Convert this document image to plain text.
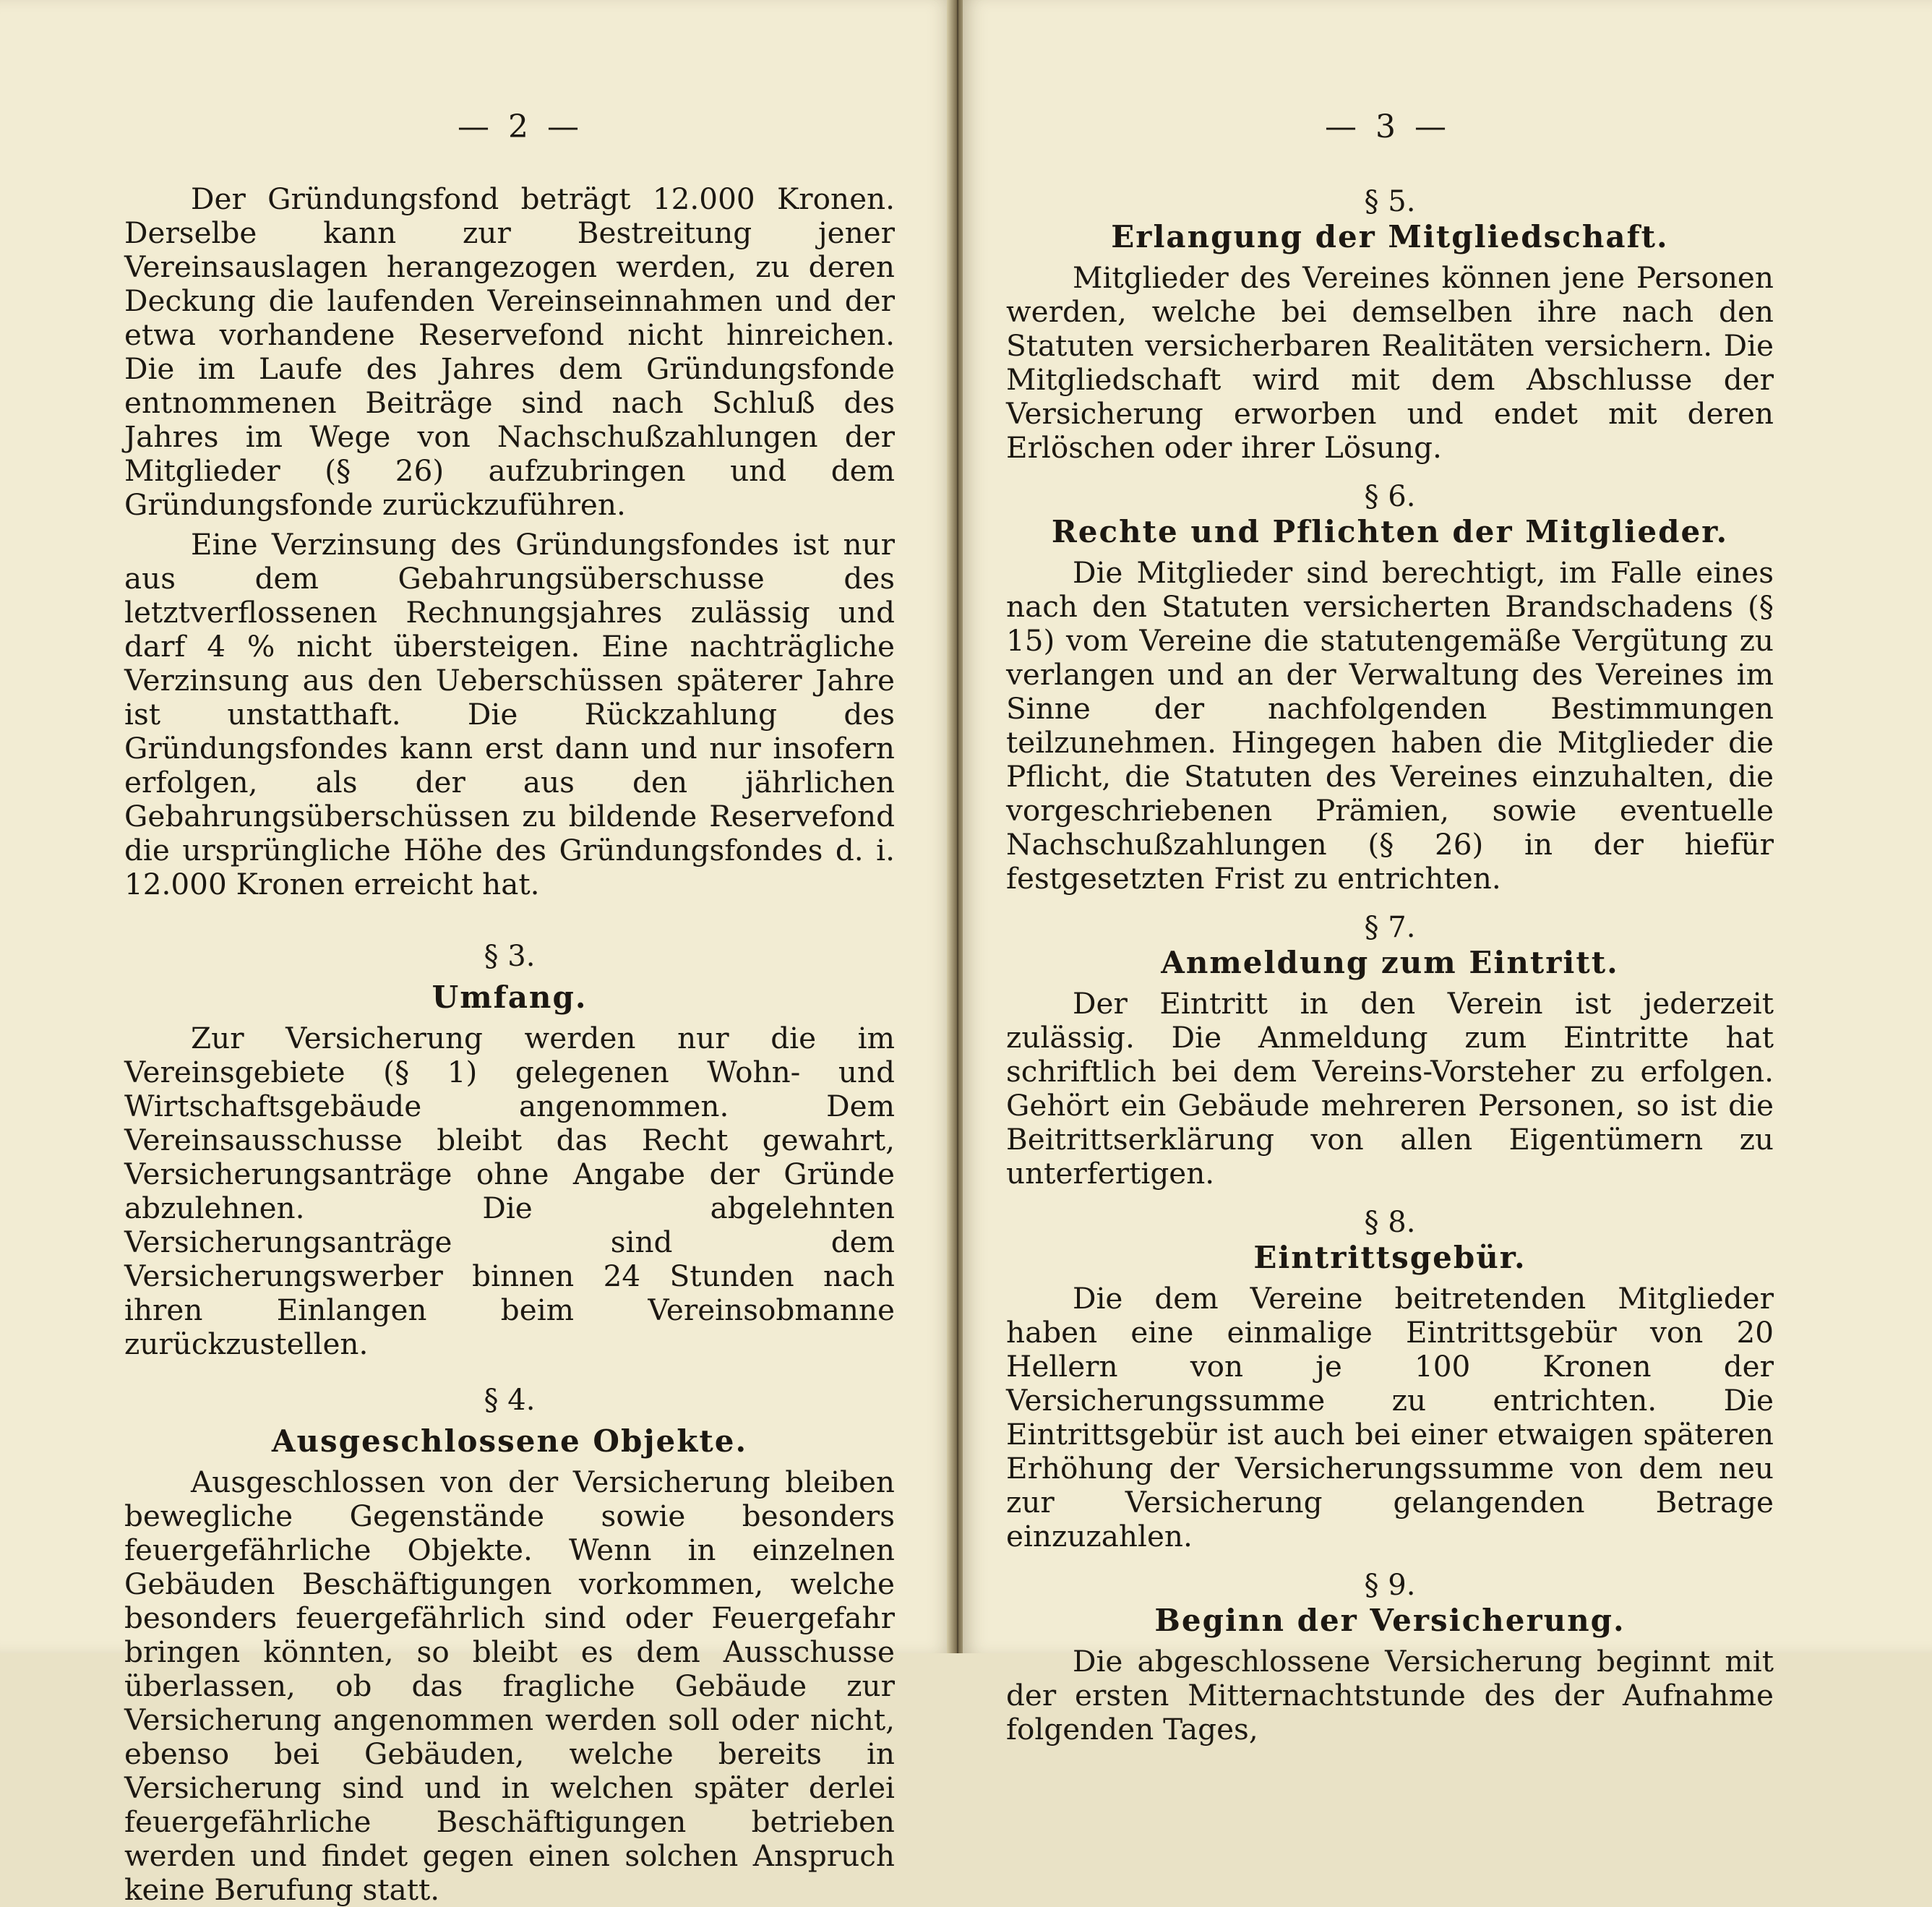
— 2 —

Der Gründungsfond beträgt 12.000 Kronen. Derselbe kann zur Bestreitung jener Vereinsauslagen herangezogen werden, zu deren Deckung die laufenden Vereinseinnahmen und der etwa vorhandene Reservefond nicht hinreichen. Die im Laufe des Jahres dem Gründungsfonde entnommenen Beiträge sind nach Schluß des Jahres im Wege von Nachschußzahlungen der Mitglieder (§ 26) aufzubringen und dem Gründungsfonde zurückzuführen.

Eine Verzinsung des Gründungsfondes ist nur aus dem Gebahrungsüberschusse des letztverflossenen Rechnungsjahres zulässig und darf 4 % nicht übersteigen. Eine nachträgliche Verzinsung aus den Ueberschüssen späterer Jahre ist unstatthaft. Die Rückzahlung des Gründungsfondes kann erst dann und nur insofern erfolgen, als der aus den jährlichen Gebahrungsüberschüssen zu bildende Reservefond die ursprüngliche Höhe des Gründungsfondes d. i. 12.000 Kronen erreicht hat.

§ 3.

Umfang.

Zur Versicherung werden nur die im Vereinsgebiete (§ 1) gelegenen Wohn- und Wirtschaftsgebäude angenommen. Dem Vereinsausschusse bleibt das Recht gewahrt, Versicherungsanträge ohne Angabe der Gründe abzulehnen. Die abgelehnten Versicherungsanträge sind dem Versicherungswerber binnen 24 Stunden nach ihren Einlangen beim Vereinsobmanne zurückzustellen.

§ 4.

Ausgeschlossene Objekte.

Ausgeschlossen von der Versicherung bleiben bewegliche Gegenstände sowie besonders feuergefährliche Objekte. Wenn in einzelnen Gebäuden Beschäftigungen vorkommen, welche besonders feuergefährlich sind oder Feuergefahr bringen könnten, so bleibt es dem Ausschusse überlassen, ob das fragliche Gebäude zur Versicherung angenommen werden soll oder nicht, ebenso bei Gebäuden, welche bereits in Versicherung sind und in welchen später derlei feuergefährliche Beschäftigungen betrieben werden und findet gegen einen solchen Anspruch keine Berufung statt.

— 3 —

§ 5.

Erlangung der Mitgliedschaft.

Mitglieder des Vereines können jene Personen werden, welche bei demselben ihre nach den Statuten versicherbaren Realitäten versichern. Die Mitgliedschaft wird mit dem Abschlusse der Versicherung erworben und endet mit deren Erlöschen oder ihrer Lösung.

§ 6.

Rechte und Pflichten der Mitglieder.

Die Mitglieder sind berechtigt, im Falle eines nach den Statuten versicherten Brandschadens (§ 15) vom Vereine die statutengemäße Vergütung zu verlangen und an der Verwaltung des Vereines im Sinne der nachfolgenden Bestimmungen teilzunehmen. Hingegen haben die Mitglieder die Pflicht, die Statuten des Vereines einzuhalten, die vorgeschriebenen Prämien, sowie eventuelle Nachschußzahlungen (§ 26) in der hiefür festgesetzten Frist zu entrichten.

§ 7.

Anmeldung zum Eintritt.

Der Eintritt in den Verein ist jederzeit zulässig. Die Anmeldung zum Eintritte hat schriftlich bei dem Vereins-Vorsteher zu erfolgen. Gehört ein Gebäude mehreren Personen, so ist die Beitrittserklärung von allen Eigentümern zu unterfertigen.

§ 8.

Eintrittsgebür.

Die dem Vereine beitretenden Mitglieder haben eine einmalige Eintrittsgebür von 20 Hellern von je 100 Kronen der Versicherungssumme zu entrichten. Die Eintrittsgebür ist auch bei einer etwaigen späteren Erhöhung der Versicherungssumme von dem neu zur Versicherung gelangenden Betrage einzuzahlen.

§ 9.

Beginn der Versicherung.

Die abgeschlossene Versicherung beginnt mit der ersten Mitternachtstunde des der Aufnahme folgenden Tages,
